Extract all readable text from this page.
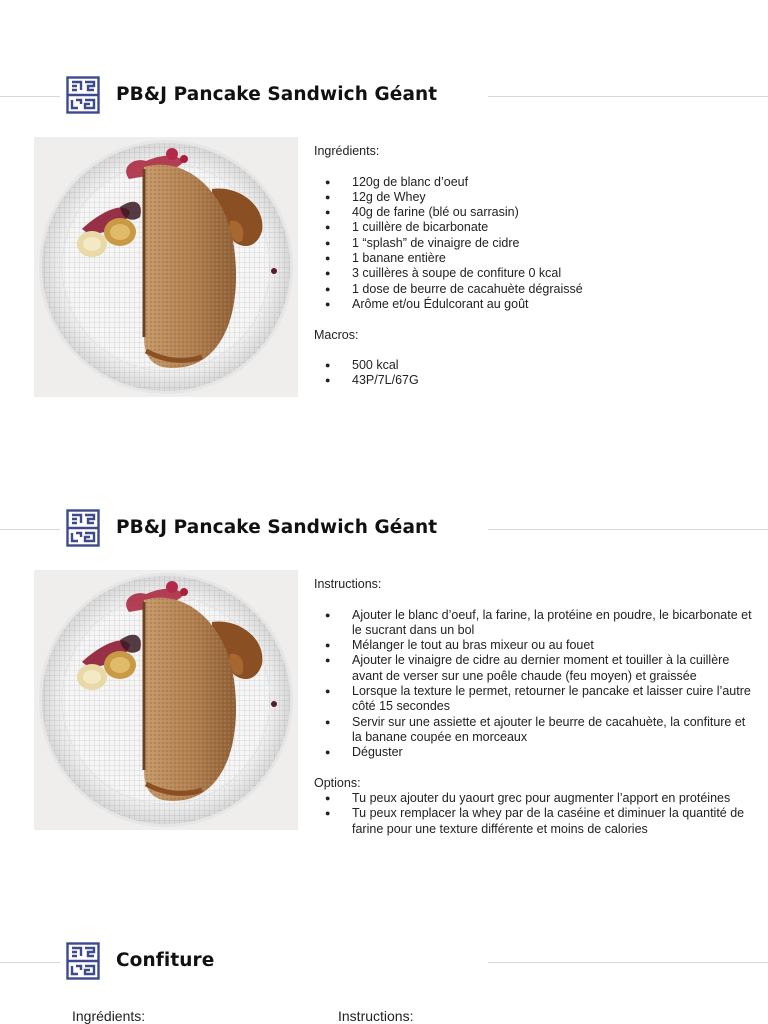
PB&J Pancake Sandwich Géant

Ingrédients:

● 120g de blanc d’oeuf
● 12g de Whey
● 40g de farine (blé ou sarrasin)
● 1 cuillère de bicarbonate
● 1 “splash” de vinaigre de cidre
● 1 banane entière
● 3 cuillères à soupe de confiture 0 kcal
● 1 dose de beurre de cacahuète dégraissé
● Arôme et/ou Édulcorant au goût

Macros:

● 500 kcal
● 43P/7L/67G
PB&J Pancake Sandwich Géant

Instructions:

● Ajouter le blanc d’oeuf, la farine, la protéine en poudre, le bicarbonate et le sucrant dans un bol
● Mélanger le tout au bras mixeur ou au fouet
● Ajouter le vinaigre de cidre au dernier moment et touiller à la cuillère avant de verser sur une poêle chaude (feu moyen) et graissée
● Lorsque la texture le permet, retourner le pancake et laisser cuire l’autre côté 15 secondes
● Servir sur une assiette et ajouter le beurre de cacahuète, la confiture et la banane coupée en morceaux
● Déguster

Options:

● Tu peux ajouter du yaourt grec pour augmenter l’apport en protéines
● Tu peux remplacer la whey par de la caséine et diminuer la quantité de farine pour une texture différente et moins de calories
Confiture
Ingrédients:	Instructions:
